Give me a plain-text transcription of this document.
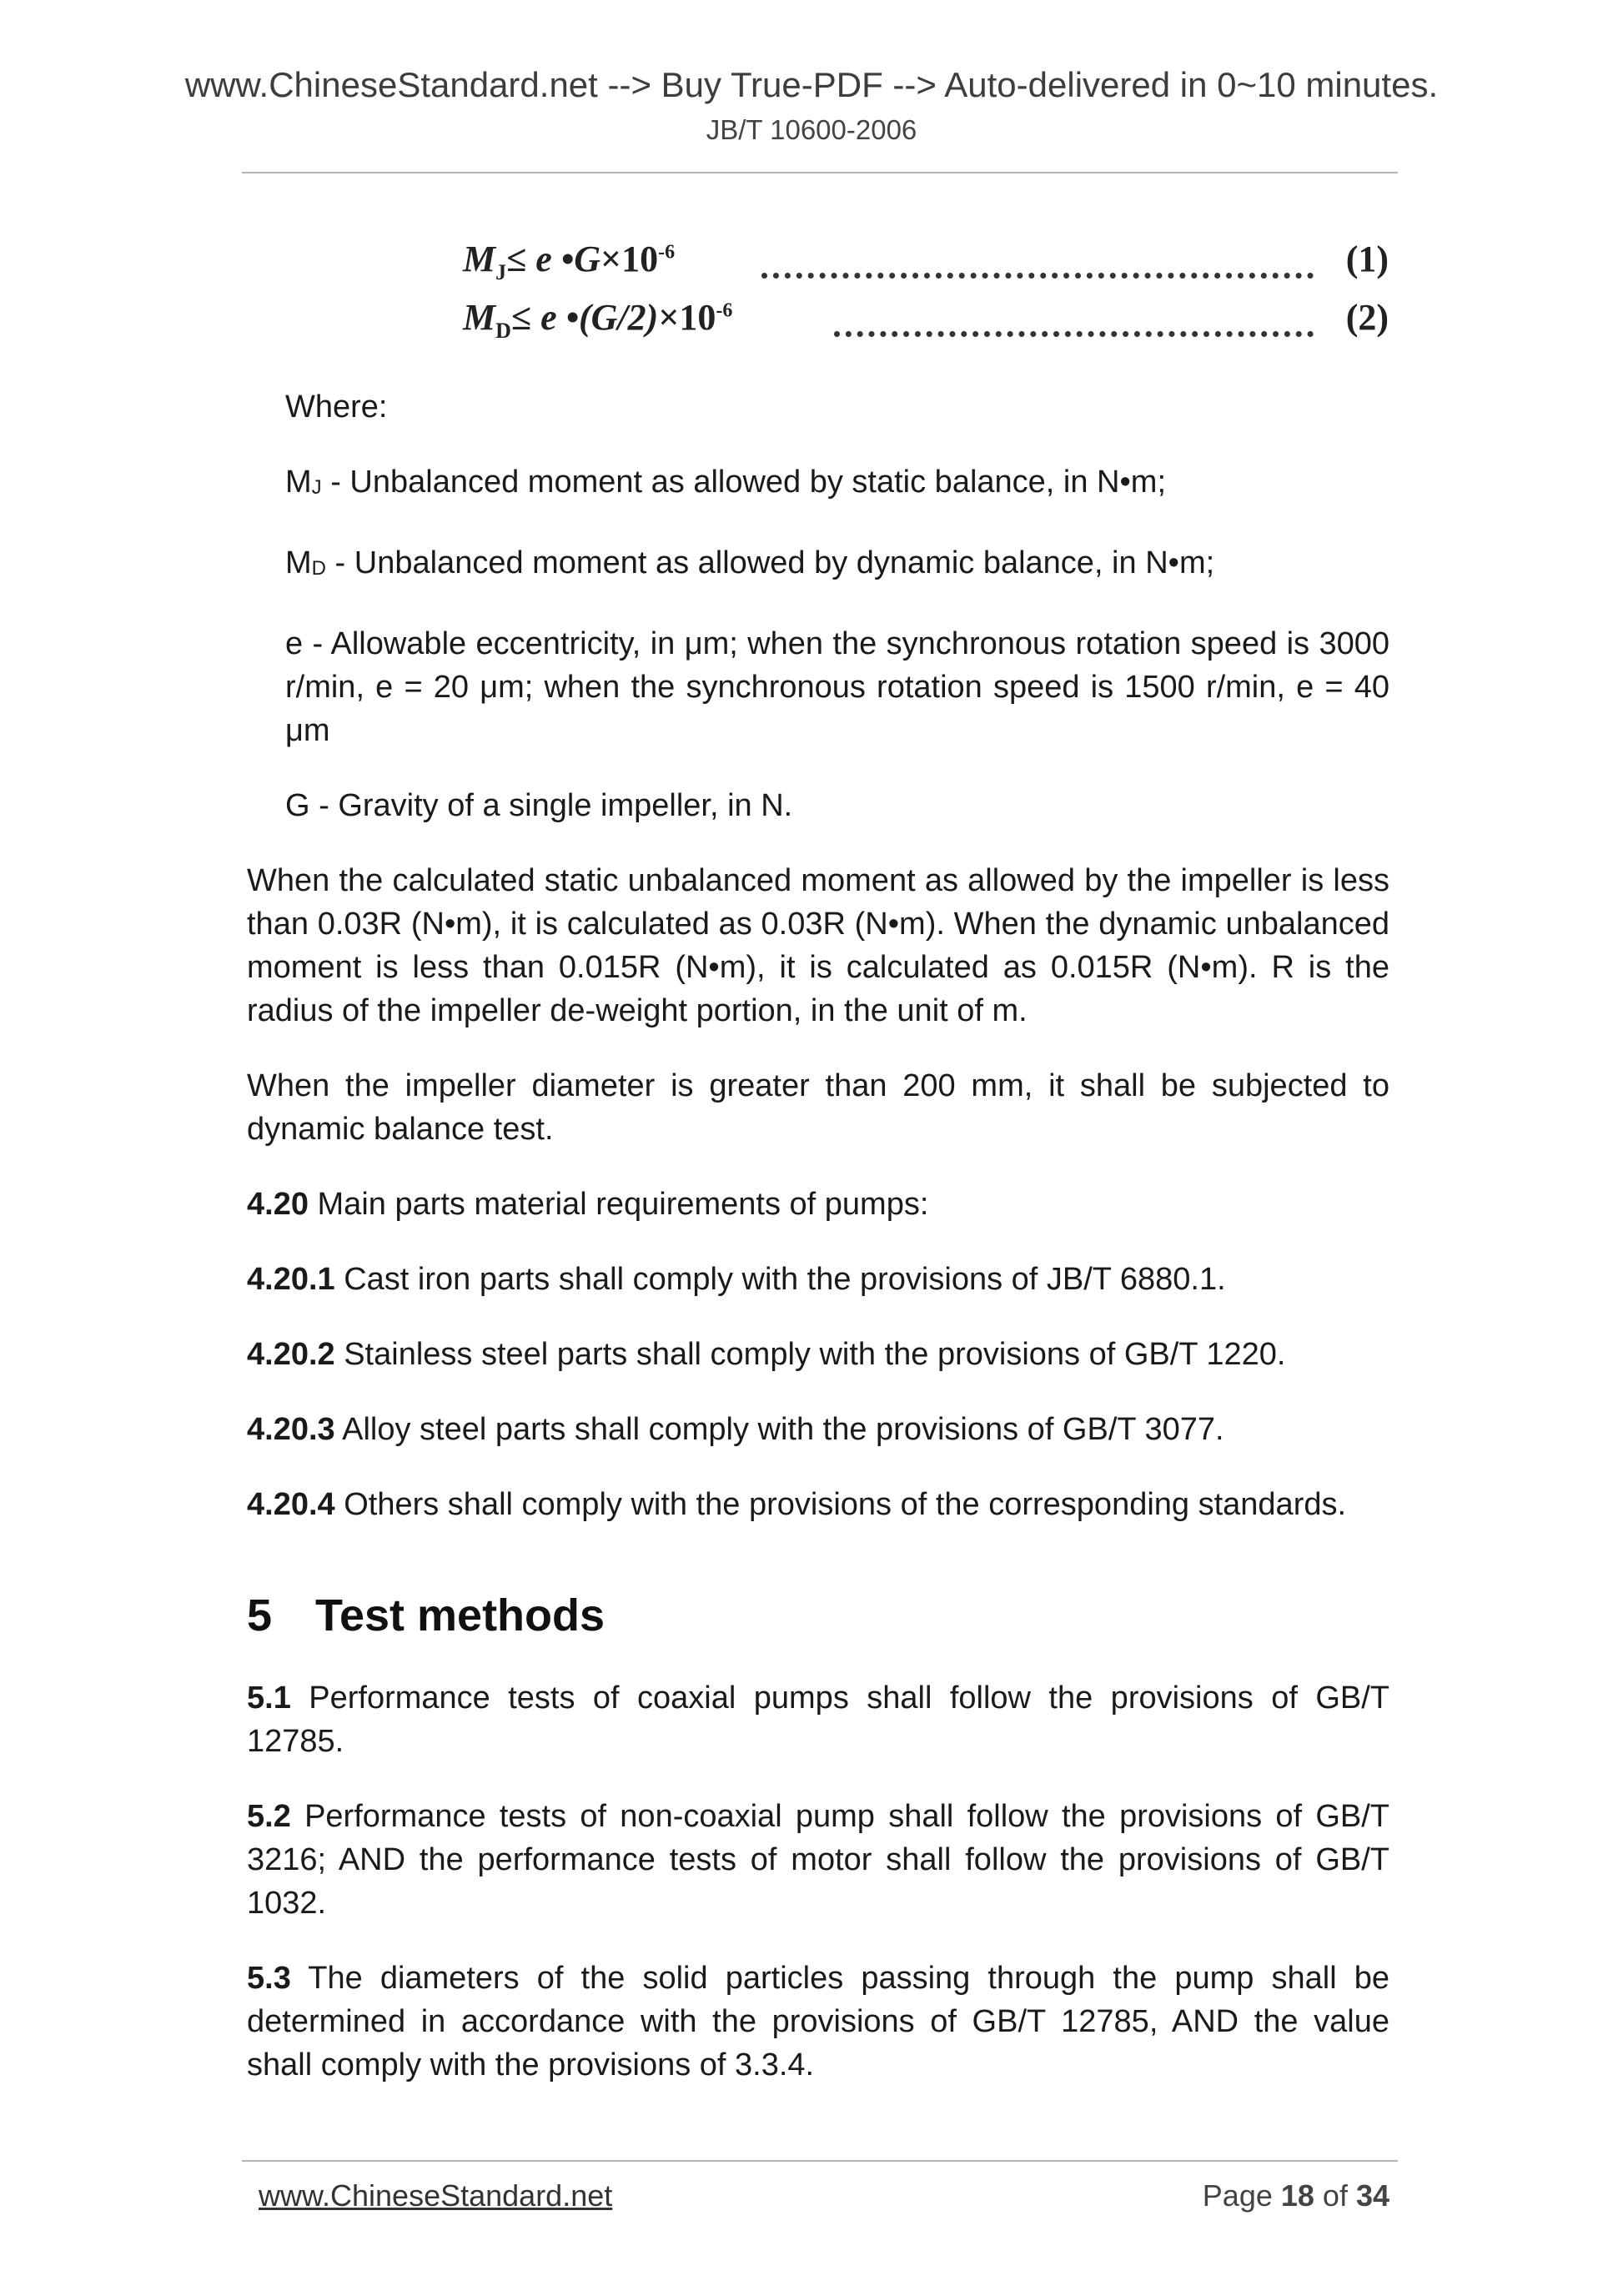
www.ChineseStandard.net --> Buy True-PDF --> Auto-delivered in 0~10 minutes.
JB/T 10600-2006
$M_J\le e$ $•G\times 10^{-6}$	(1)
$M_D\le e$ $•(G/2)\times 10^{-6}$	(2)

Where:

$M_J$ - Unbalanced moment as allowed by static balance, in N•m;

$M_D$ - Unbalanced moment as allowed by dynamic balance, in N•m;

e - Allowable eccentricity, in μm; when the synchronous rotation speed is 3000 r/min, e = 20 μm; when the synchronous rotation speed is 1500 r/min, e = 40 μm

G - Gravity of a single impeller, in N.

When the calculated static unbalanced moment as allowed by the impeller is less than 0.03R (N•m), it is calculated as 0.03R (N•m). When the dynamic unbalanced moment is less than 0.015R (N•m), it is calculated as 0.015R (N•m). R is the radius of the impeller de-weight portion, in the unit of m.

When the impeller diameter is greater than 200 mm, it shall be subjected to dynamic balance test.

4.20 Main parts material requirements of pumps:

4.20.1 Cast iron parts shall comply with the provisions of JB/T 6880.1.

4.20.2 Stainless steel parts shall comply with the provisions of GB/T 1220.

4.20.3 Alloy steel parts shall comply with the provisions of GB/T 3077.

4.20.4 Others shall comply with the provisions of the corresponding standards.

5 Test methods

5.1 Performance tests of coaxial pumps shall follow the provisions of GB/T 12785.

5.2 Performance tests of non-coaxial pump shall follow the provisions of GB/T 3216; AND the performance tests of motor shall follow the provisions of GB/T 1032.

5.3 The diameters of the solid particles passing through the pump shall be determined in accordance with the provisions of GB/T 12785, AND the value shall comply with the provisions of 3.3.4.

www.ChineseStandard.net	Page 18 of 34
